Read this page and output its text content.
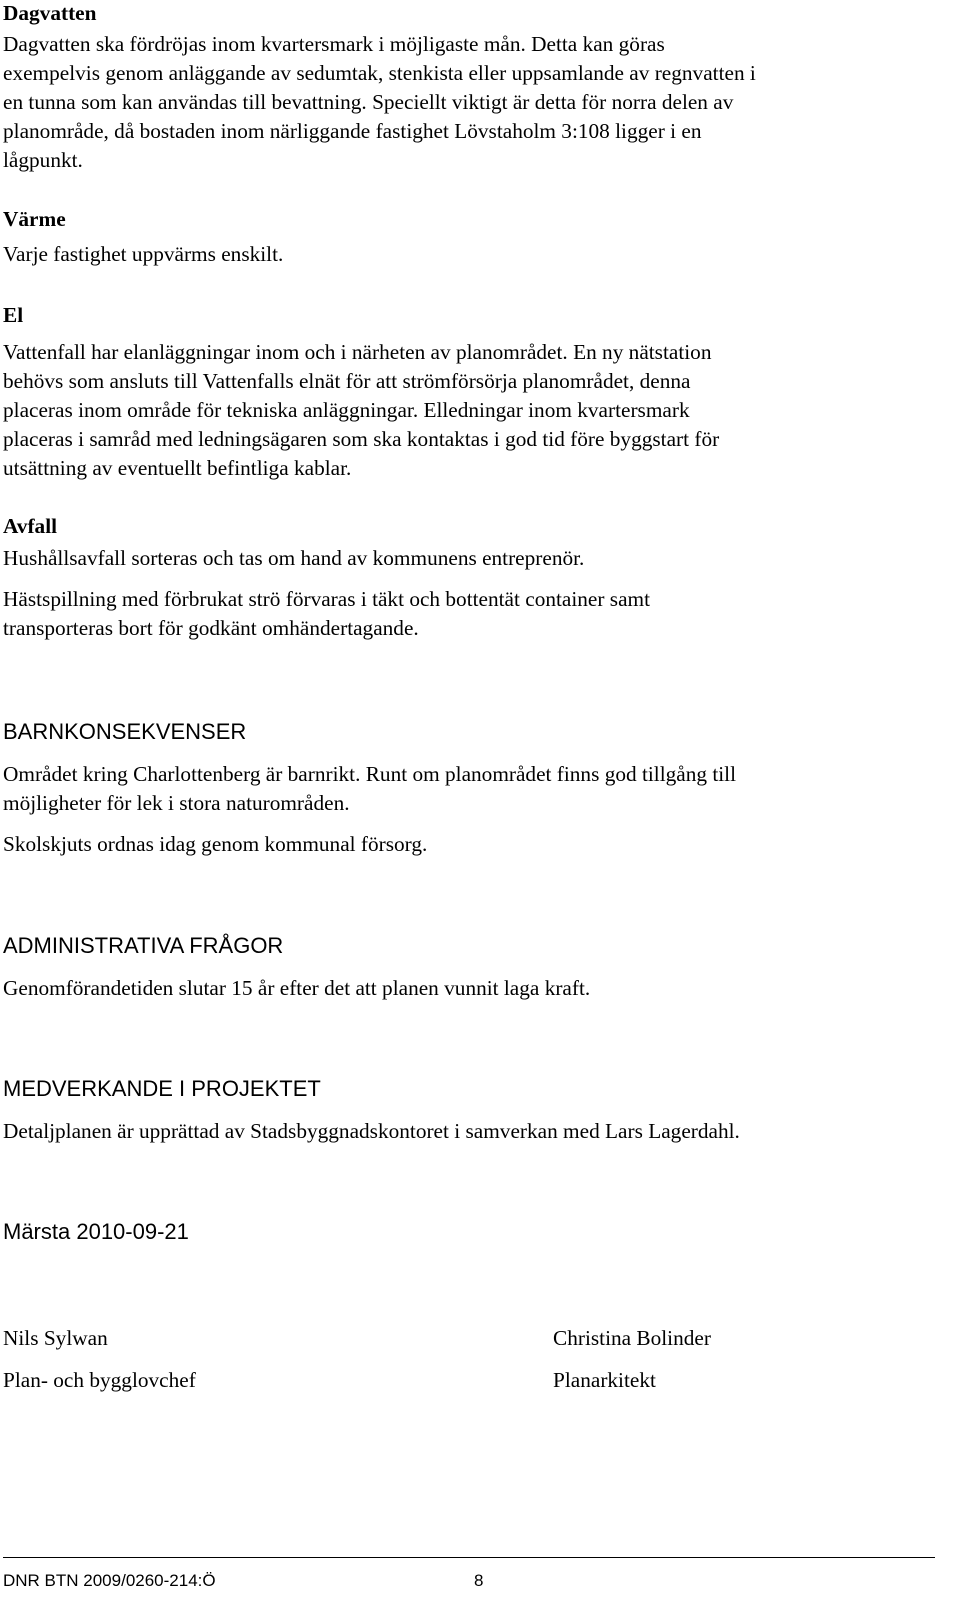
Dagvatten
Dagvatten ska fördröjas inom kvartersmark i möjligaste mån. Detta kan göras
exempelvis genom anläggande av sedumtak, stenkista eller uppsamlande av regnvatten i
en tunna som kan användas till bevattning. Speciellt viktigt är detta för norra delen av
planområde, då bostaden inom närliggande fastighet Lövstaholm 3:108 ligger i en
lågpunkt.
Värme
Varje fastighet uppvärms enskilt.
El
Vattenfall har elanläggningar inom och i närheten av planområdet. En ny nätstation
behövs som ansluts till Vattenfalls elnät för att strömförsörja planområdet, denna
placeras inom område för tekniska anläggningar. Elledningar inom kvartersmark
placeras i samråd med ledningsägaren som ska kontaktas i god tid före byggstart för
utsättning av eventuellt befintliga kablar.
Avfall
Hushållsavfall sorteras och tas om hand av kommunens entreprenör.
Hästspillning med förbrukat strö förvaras i täkt och bottentät container samt
transporteras bort för godkänt omhändertagande.
BARNKONSEKVENSER
Området kring Charlottenberg är barnrikt. Runt om planområdet finns god tillgång till
möjligheter för lek i stora naturområden.
Skolskjuts ordnas idag genom kommunal försorg.
ADMINISTRATIVA FRÅGOR
Genomförandetiden slutar 15 år efter det att planen vunnit laga kraft.
MEDVERKANDE I PROJEKTET
Detaljplanen är upprättad av Stadsbyggnadskontoret i samverkan med Lars Lagerdahl.
Märsta 2010-09-21
Nils Sylwan
Plan- och bygglovchef
Christina Bolinder
Planarkitekt
DNR BTN 2009/0260-214:Ö	8
